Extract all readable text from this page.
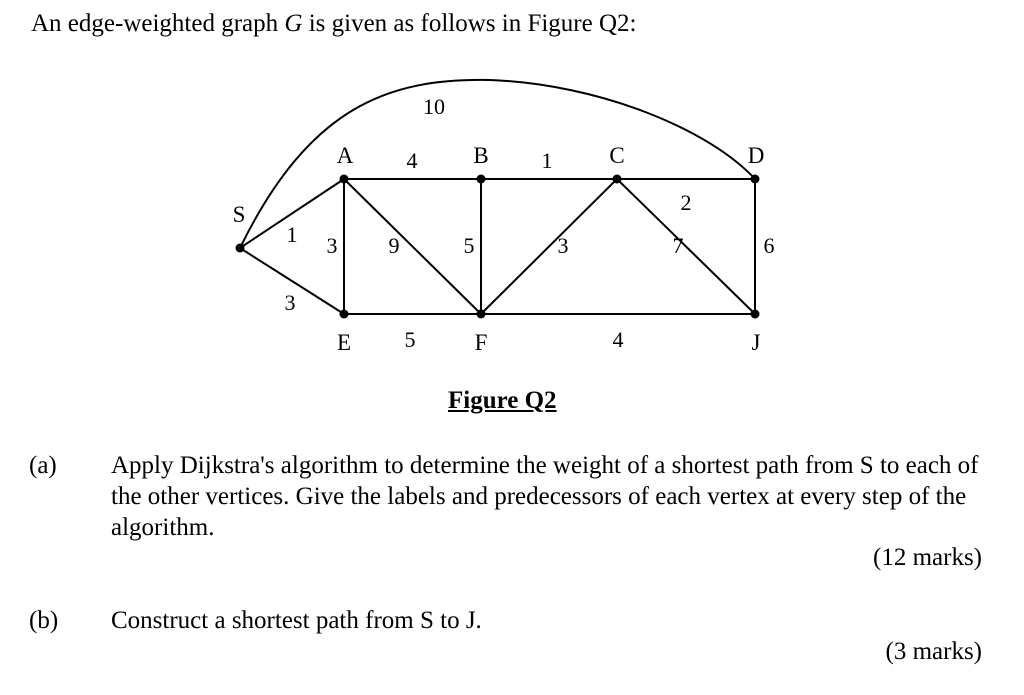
An edge-weighted graph G is given as follows in Figure Q2:
10
4	1
2
1
3
3 9	5	3	7	6
5	4
S
A	B	C	D
E	F	J
Figure Q2
(a) Apply Dijkstra's algorithm to determine the weight of a shortest path from S to each of the other vertices. Give the labels and predecessors of each vertex at every step of the algorithm.
(12 marks)
(b) Construct a shortest path from S to J.
(3 marks)
